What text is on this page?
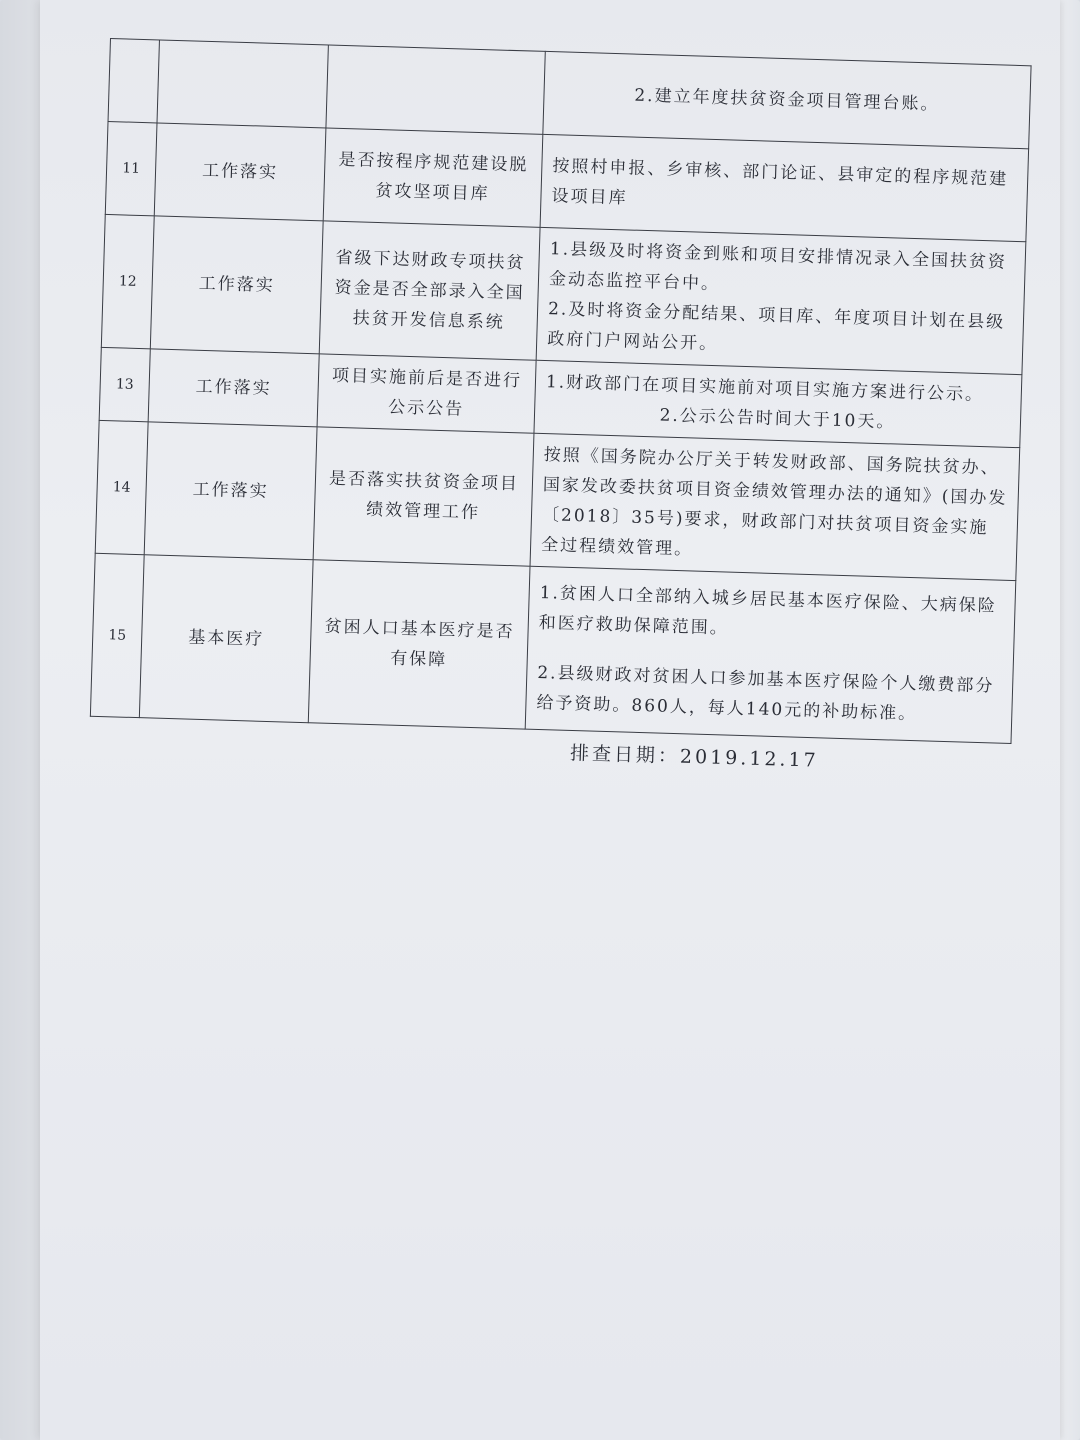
			2.建立年度扶贫资金项目管理台账。

11	工作落实	是否按程序规范建设脱贫攻坚项目库	按照村申报、乡审核、部门论证、县审定的程序规范建设项目库

12	工作落实	省级下达财政专项扶贫资金是否全部录入全国扶贫开发信息系统	1.县级及时将资金到账和项目安排情况录入全国扶贫资金动态监控平台中。
2.及时将资金分配结果、项目库、年度项目计划在县级政府门户网站公开。

13	工作落实	项目实施前后是否进行公示公告	1.财政部门在项目实施前对项目实施方案进行公示。
2.公示公告时间大于10天。

14	工作落实	是否落实扶贫资金项目绩效管理工作	按照《国务院办公厅关于转发财政部、国务院扶贫办、国家发改委扶贫项目资金绩效管理办法的通知》(国办发〔2018〕35号)要求，财政部门对扶贫项目资金实施全过程绩效管理。

15	基本医疗	贫困人口基本医疗是否有保障	1.贫困人口全部纳入城乡居民基本医疗保险、大病保险和医疗救助保障范围。
2.县级财政对贫困人口参加基本医疗保险个人缴费部分给予资助。860人，每人140元的补助标准。
排查日期：2019.12.17
